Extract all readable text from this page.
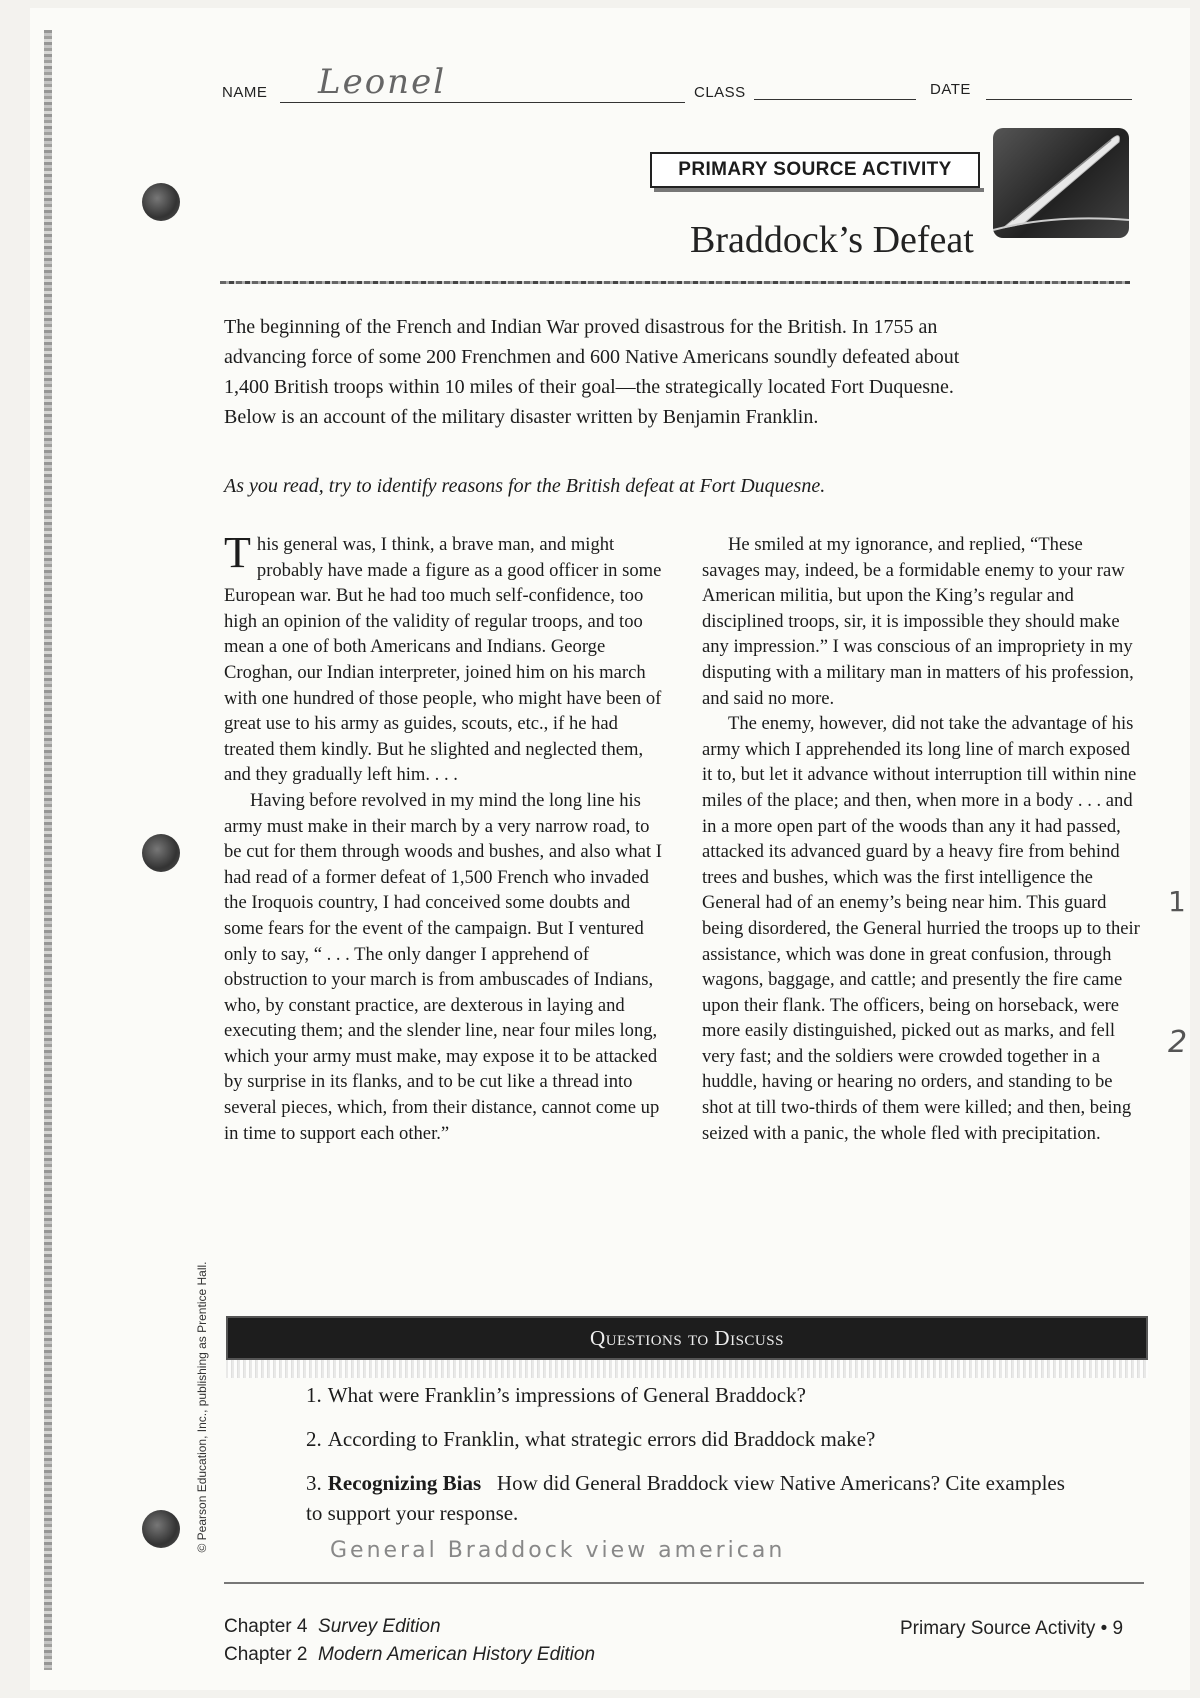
NAME Leonel	CLASS	DATE
PRIMARY SOURCE ACTIVITY
Braddock’s Defeat
The beginning of the French and Indian War proved disastrous for the British. In 1755 an advancing force of some 200 Frenchmen and 600 Native Americans soundly defeated about 1,400 British troops within 10 miles of their goal—the strategically located Fort Duquesne. Below is an account of the military disaster written by Benjamin Franklin.
As you read, try to identify reasons for the British defeat at Fort Duquesne.

This general was, I think, a brave man, and might probably have made a figure as a good officer in some European war. But he had too much self-confidence, too high an opinion of the validity of regular troops, and too mean a one of both Americans and Indians. George Croghan, our Indian interpreter, joined him on his march with one hundred of those people, who might have been of great use to his army as guides, scouts, etc., if he had treated them kindly. But he slighted and neglected them, and they gradually left him. . . .

Having before revolved in my mind the long line his army must make in their march by a very narrow road, to be cut for them through woods and bushes, and also what I had read of a former defeat of 1,500 French who invaded the Iroquois country, I had conceived some doubts and some fears for the event of the campaign. But I ventured only to say, “ . . . The only danger I apprehend of obstruction to your march is from ambuscades of Indians, who, by constant practice, are dexterous in laying and executing them; and the slender line, near four miles long, which your army must make, may expose it to be attacked by surprise in its flanks, and to be cut like a thread into several pieces, which, from their distance, cannot come up in time to support each other.”

He smiled at my ignorance, and replied, “These savages may, indeed, be a formidable enemy to your raw American militia, but upon the King’s regular and disciplined troops, sir, it is impossible they should make any impression.” I was conscious of an impropriety in my disputing with a military man in matters of his profession, and said no more.

The enemy, however, did not take the advantage of his army which I apprehended its long line of march exposed it to, but let it advance without interruption till within nine miles of the place; and then, when more in a body . . . and in a more open part of the woods than any it had passed, attacked its advanced guard by a heavy fire from behind trees and bushes, which was the first intelligence the General had of an enemy’s being near him. This guard being disordered, the General hurried the troops up to their assistance, which was done in great confusion, through wagons, baggage, and cattle; and presently the fire came upon their flank. The officers, being on horseback, were more easily distinguished, picked out as marks, and fell very fast; and the soldiers were crowded together in a huddle, having or hearing no orders, and standing to be shot at till two-thirds of them were killed; and then, being seized with a panic, the whole fled with precipitation.

1
2
© Pearson Education, Inc., publishing as Prentice Hall.	Questions to Discuss
1. What were Franklin’s impressions of General Braddock?
2. According to Franklin, what strategic errors did Braddock make?
3. Recognizing Bias How did General Braddock view Native Americans? Cite examples to support your response.
General Braddock view american
Chapter 4 Survey Edition
Chapter 2 Modern American History Edition
Primary Source Activity • 9
